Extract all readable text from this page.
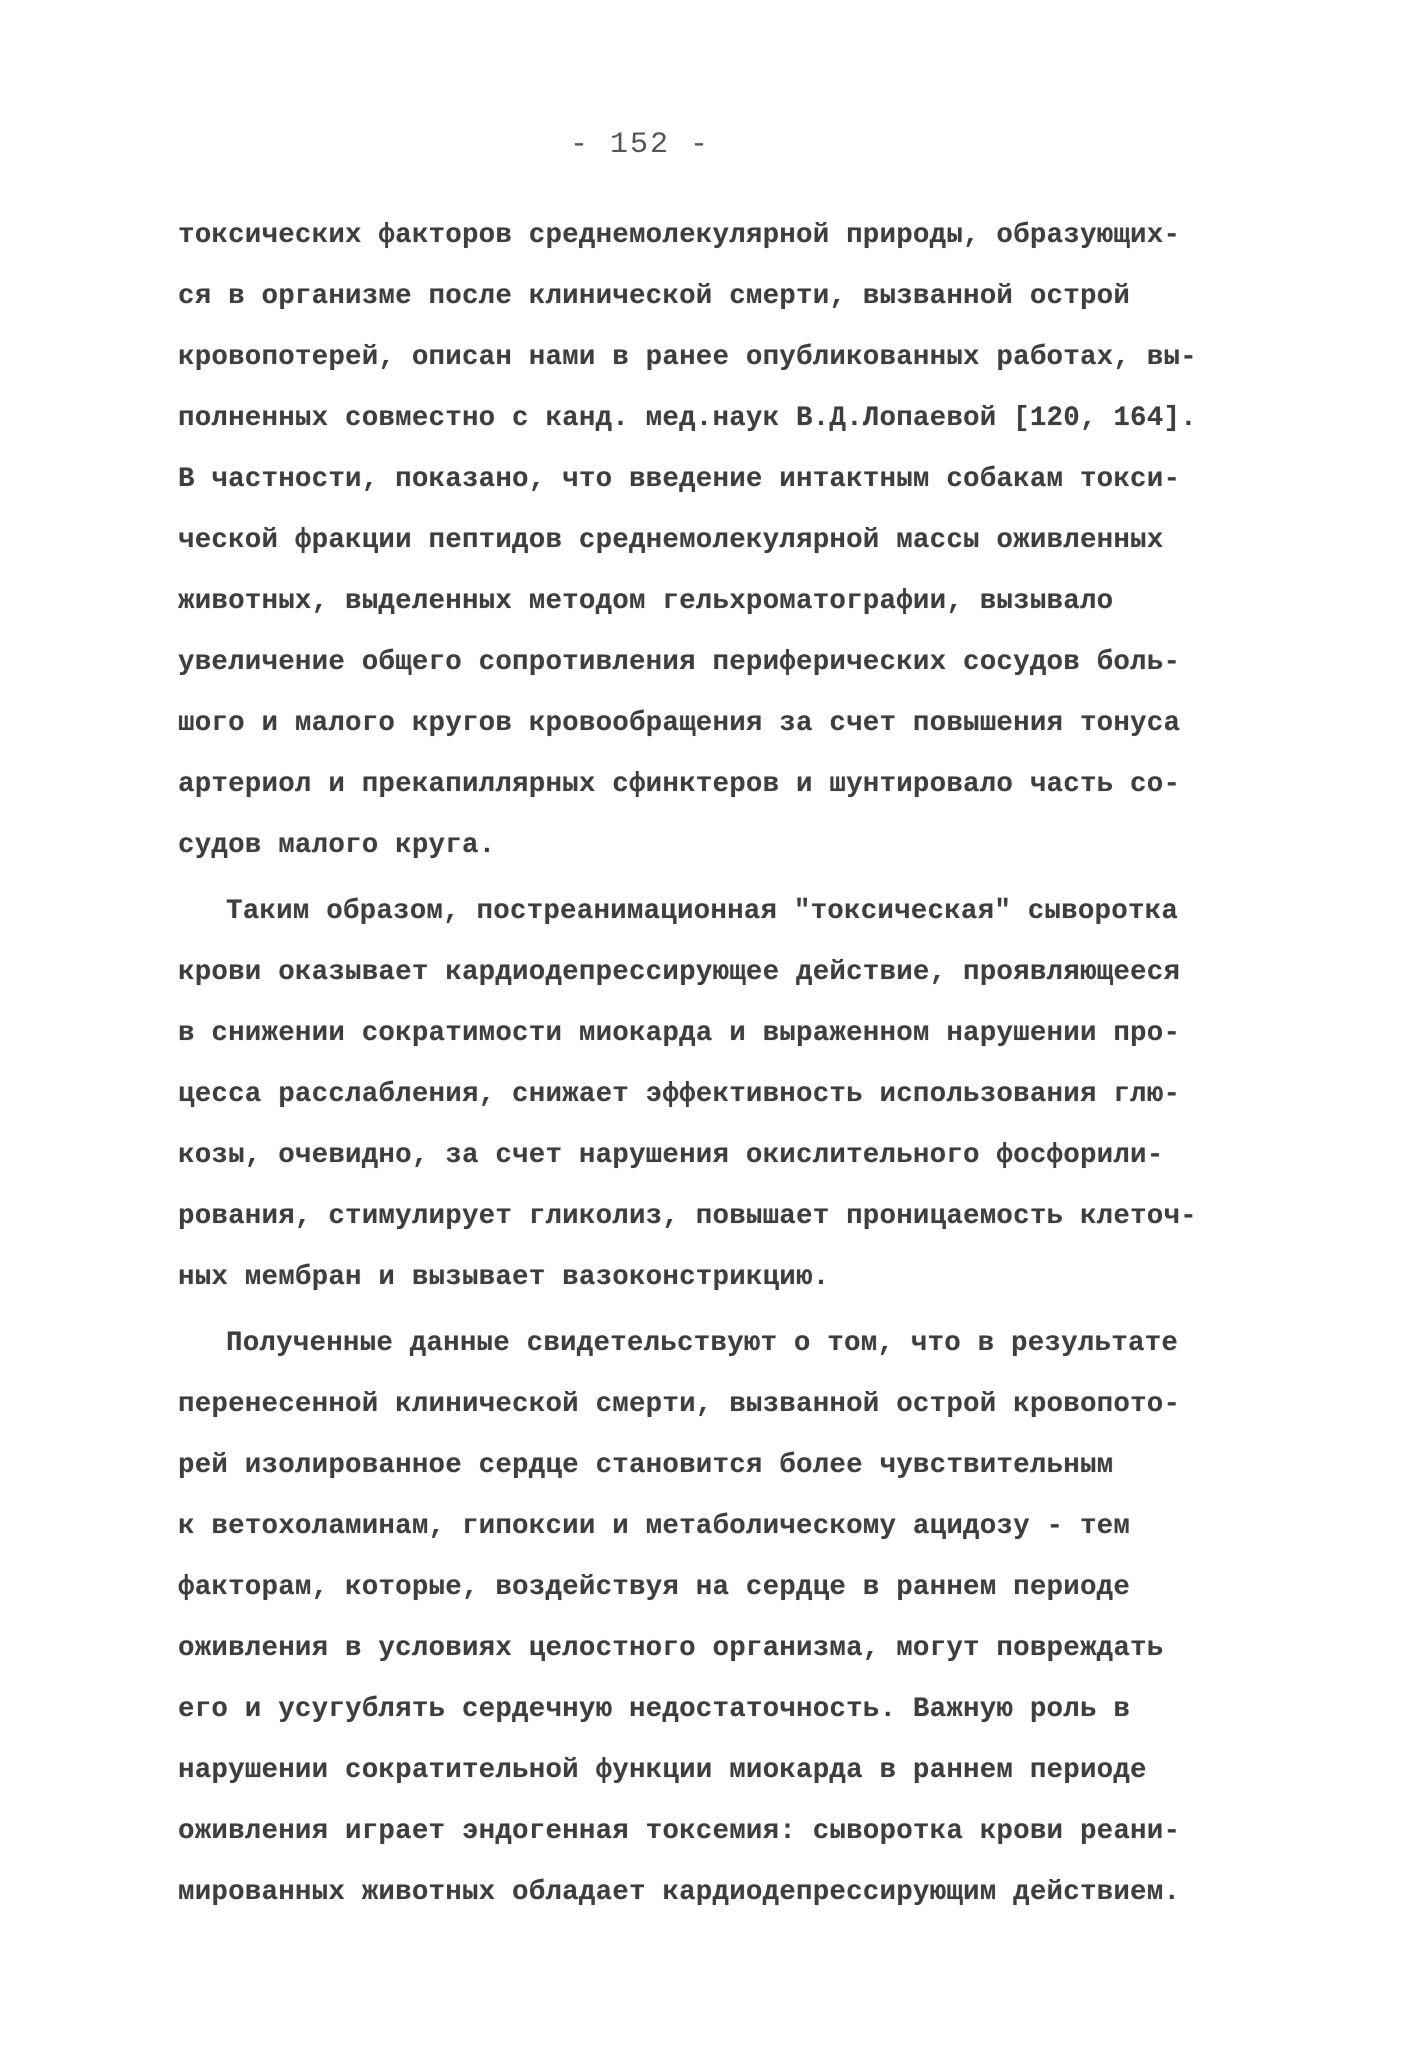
- 152 -
токсических факторов среднемолекулярной природы, образующих-
ся в организме после клинической смерти, вызванной острой
кровопотерей, описан нами в ранее опубликованных работах, вы-
полненных совместно с канд. мед.наук В.Д.Лопаевой [120, 164].
В частности, показано, что введение интактным собакам токси-
ческой фракции пептидов среднемолекулярной массы оживленных
животных, выделенных методом гельхроматографии, вызывало
увеличение общего сопротивления периферических сосудов боль-
шого и малого кругов кровообращения за счет повышения тонуса
артериол и прекапиллярных сфинктеров и шунтировало часть со-
судов малого круга.
Таким образом, постреанимационная "токсическая" сыворотка
крови оказывает кардиодепрессирующее действие, проявляющееся
в снижении сократимости миокарда и выраженном нарушении про-
цесса расслабления, снижает эффективность использования глю-
козы, очевидно, за счет нарушения окислительного фосфорили-
рования, стимулирует гликолиз, повышает проницаемость клеточ-
ных мембран и вызывает вазоконстрикцию.
Полученные данные свидетельствуют о том, что в результате
перенесенной клинической смерти, вызванной острой кровопото-
рей изолированное сердце становится более чувствительным
к ветохоламинам, гипоксии и метаболическому ацидозу - тем
факторам, которые, воздействуя на сердце в раннем периоде
оживления в условиях целостного организма, могут повреждать
его и усугублять сердечную недостаточность. Важную роль в
нарушении сократительной функции миокарда в раннем периоде
оживления играет эндогенная токсемия: сыворотка крови реани-
мированных животных обладает кардиодепрессирующим действием.
